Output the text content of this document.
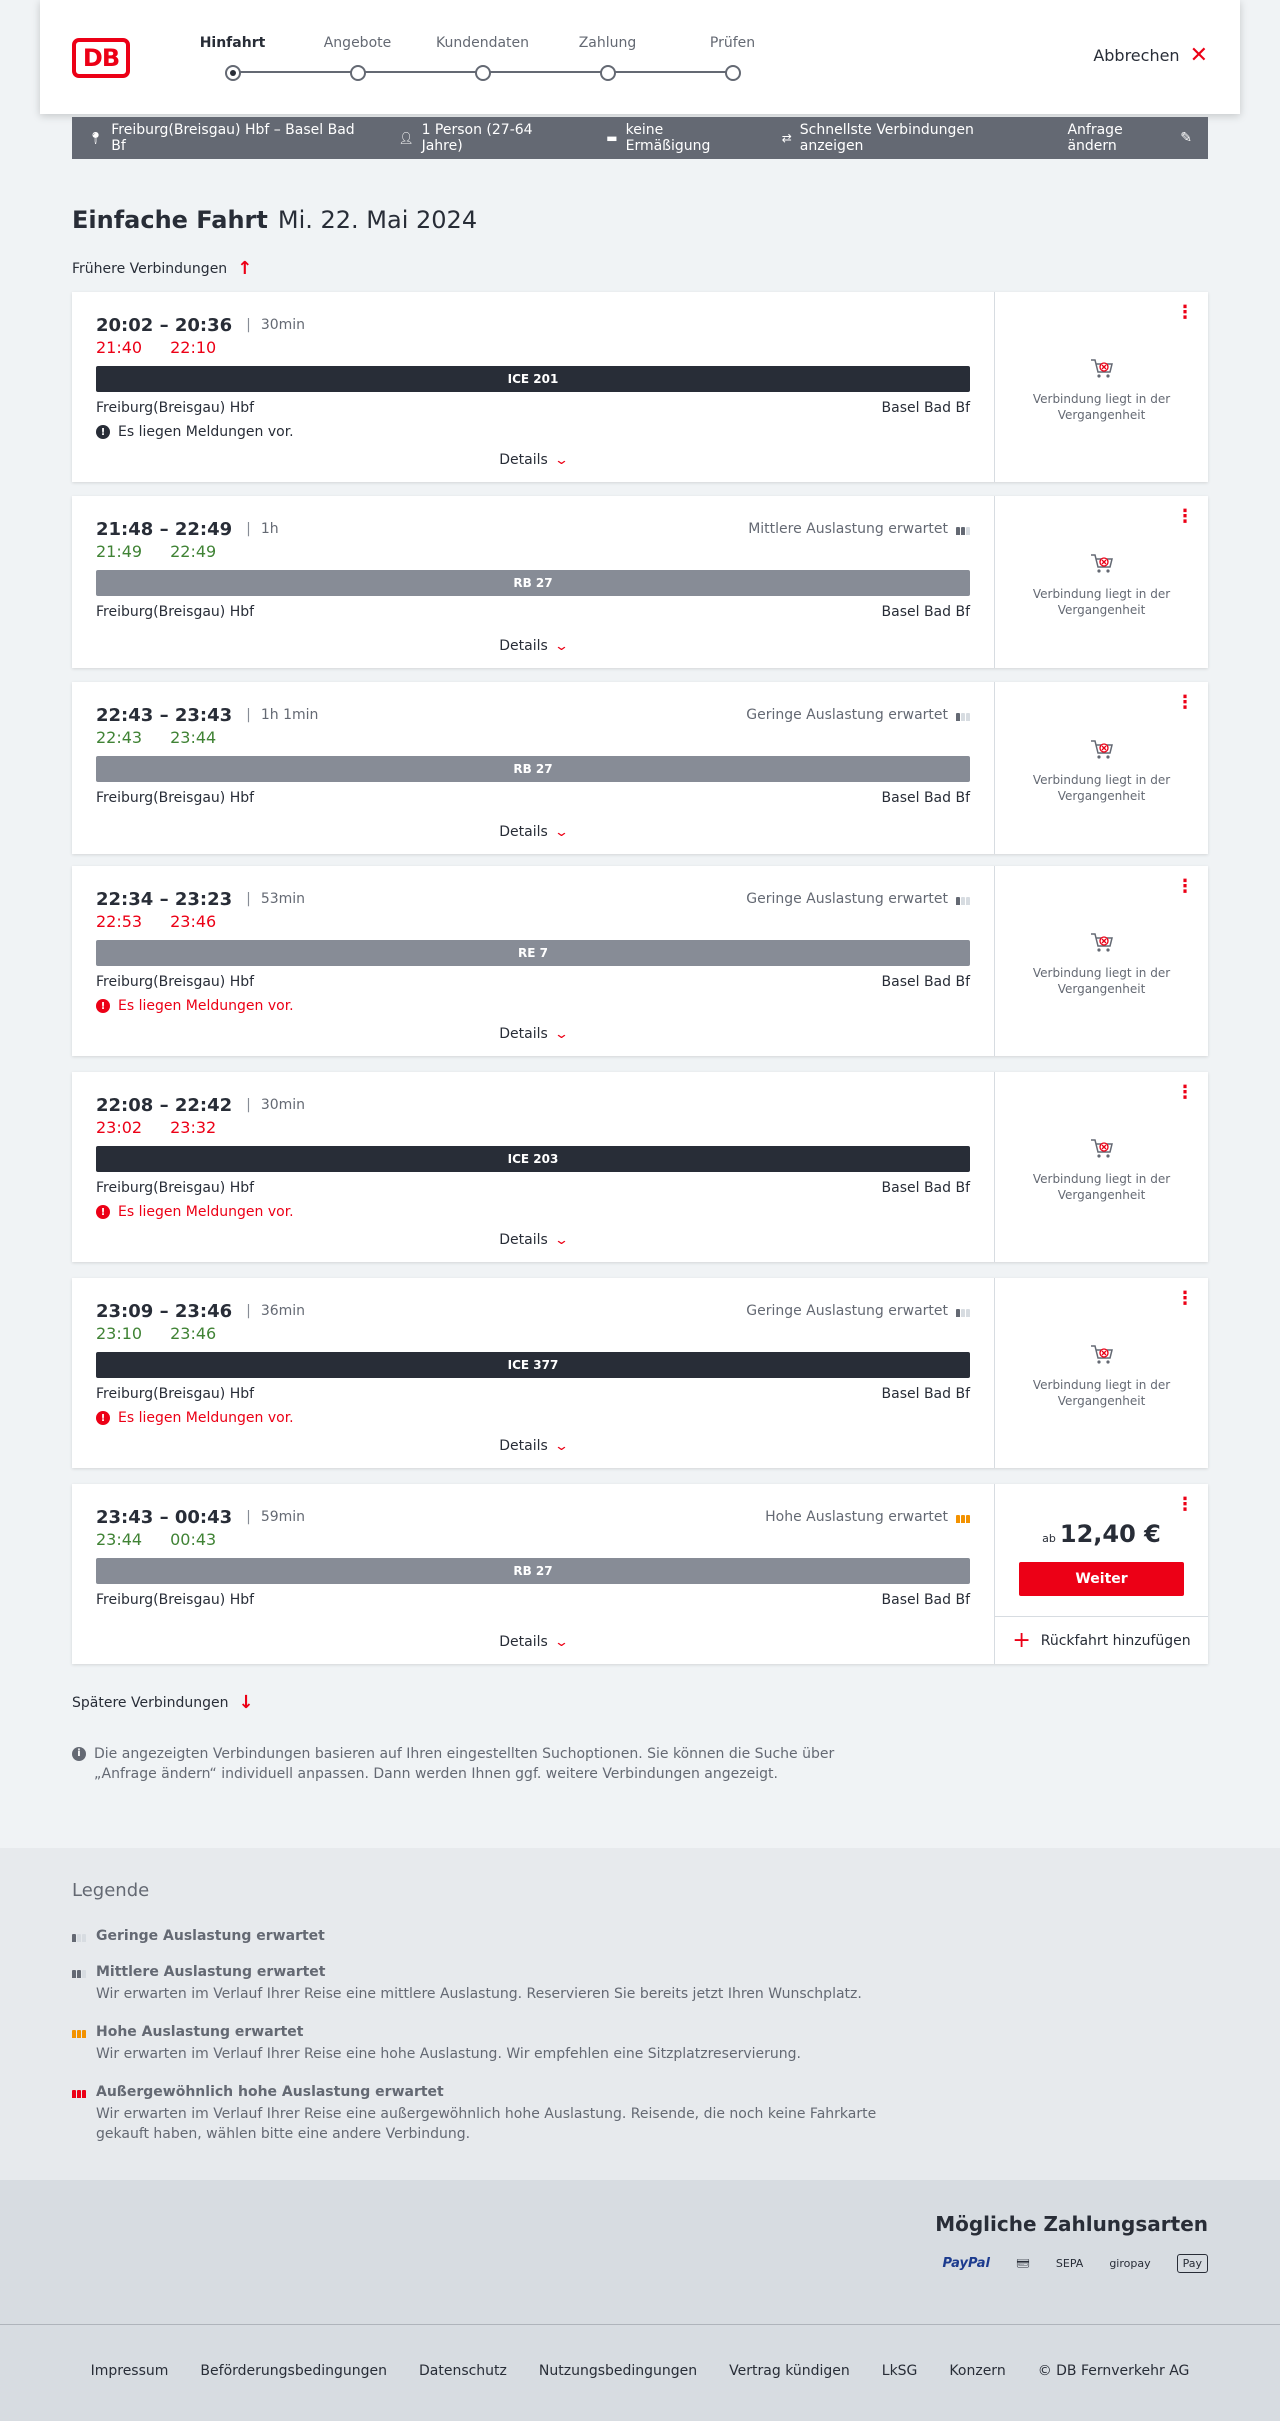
DB
Hinfahrt	Angebote	Kundendaten	Zahlung	Prüfen
Abbrechen ✕
📍︎ Freiburg(Breisgau) Hbf – Basel Bad Bf	👤︎ 1 Person (27-64 Jahre)	▬ keine Ermäßigung	⇄ Schnellste Verbindungen anzeigen
Anfrage ändern	✎
Einfache Fahrt Mi. 22. Mai 2024
Frühere Verbindungen ↑
20:02 – 20:36 | 30min
21:40 22:10
ICE 201
Freiburg(Breisgau) Hbf	Basel Bad Bf
! Es liegen Meldungen vor.
Details ⌄
⋮
Verbindung liegt in der Vergangenheit
21:48 – 22:49 | 1h	Mittlere Auslastung erwartet
21:49 22:49
RB 27
Freiburg(Breisgau) Hbf	Basel Bad Bf
Details ⌄
⋮
Verbindung liegt in der Vergangenheit
22:43 – 23:43 | 1h 1min	Geringe Auslastung erwartet
22:43 23:44
RB 27
Freiburg(Breisgau) Hbf	Basel Bad Bf
Details ⌄
⋮
Verbindung liegt in der Vergangenheit
22:34 – 23:23 | 53min	Geringe Auslastung erwartet
22:53 23:46
RE 7
Freiburg(Breisgau) Hbf	Basel Bad Bf
! Es liegen Meldungen vor.
Details ⌄
⋮
Verbindung liegt in der Vergangenheit
22:08 – 22:42 | 30min
23:02 23:32
ICE 203
Freiburg(Breisgau) Hbf	Basel Bad Bf
! Es liegen Meldungen vor.
Details ⌄
⋮
Verbindung liegt in der Vergangenheit
23:09 – 23:46 | 36min	Geringe Auslastung erwartet
23:10 23:46
ICE 377
Freiburg(Breisgau) Hbf	Basel Bad Bf
! Es liegen Meldungen vor.
Details ⌄
⋮
Verbindung liegt in der Vergangenheit
23:43 – 00:43 | 59min	Hohe Auslastung erwartet
23:44 00:43
RB 27
Freiburg(Breisgau) Hbf	Basel Bad Bf
Details ⌄
⋮
ab 12,40 €
Weiter
+ Rückfahrt hinzufügen
Spätere Verbindungen ↓
i Die angezeigten Verbindungen basieren auf Ihren eingestellten Suchoptionen. Sie können die Suche über „Anfrage ändern“ individuell anpassen. Dann werden Ihnen ggf. weitere Verbindungen angezeigt.
Legende
Geringe Auslastung erwartet
Mittlere Auslastung erwartet
Wir erwarten im Verlauf Ihrer Reise eine mittlere Auslastung. Reservieren Sie bereits jetzt Ihren Wunschplatz.
Hohe Auslastung erwartet
Wir erwarten im Verlauf Ihrer Reise eine hohe Auslastung. Wir empfehlen eine Sitzplatzreservierung.
Außergewöhnlich hohe Auslastung erwartet
Wir erwarten im Verlauf Ihrer Reise eine außergewöhnlich hohe Auslastung. Reisende, die noch keine Fahrkarte gekauft haben, wählen bitte eine andere Verbindung.
Mögliche Zahlungsarten
PayPal 💳︎ SEPA giropay	Pay
Impressum Beförderungsbedingungen Datenschutz Nutzungsbedingungen Vertrag kündigen LkSG Konzern © DB Fernverkehr AG
